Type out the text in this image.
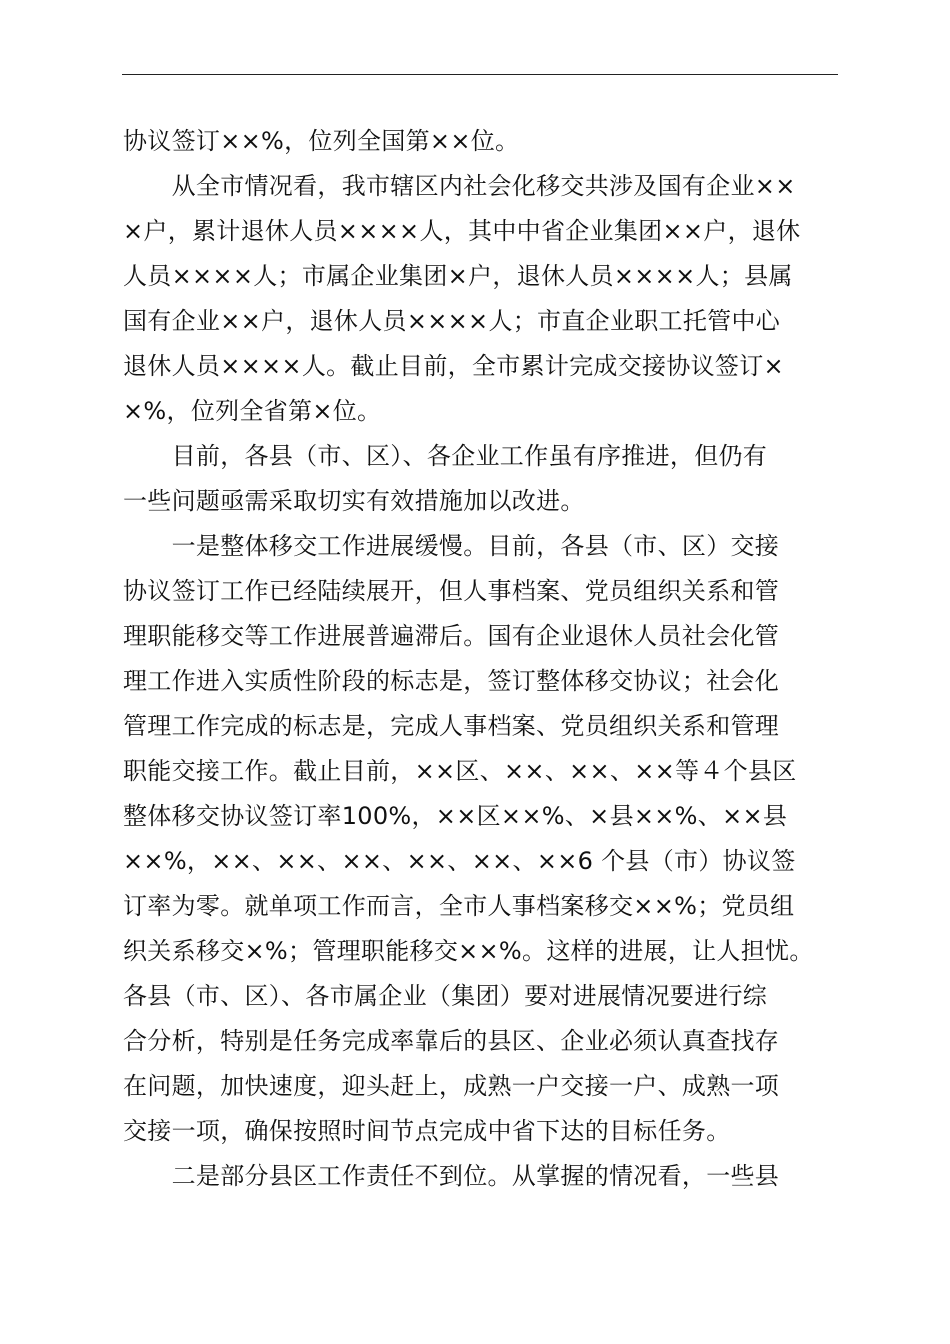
协议签订××%，位列全国第××位。
　　从全市情况看，我市辖区内社会化移交共涉及国有企业××
×户，累计退休人员××××人，其中中省企业集团××户，退休
人员××××人；市属企业集团×户，退休人员××××人；县属
国有企业××户，退休人员××××人；市直企业职工托管中心
退休人员××××人。截止目前，全市累计完成交接协议签订×
×%，位列全省第×位。
　　目前，各县（市、区）、各企业工作虽有序推进，但仍有
一些问题亟需采取切实有效措施加以改进。
　　一是整体移交工作进展缓慢。目前，各县（市、区）交接
协议签订工作已经陆续展开，但人事档案、党员组织关系和管
理职能移交等工作进展普遍滞后。国有企业退休人员社会化管
理工作进入实质性阶段的标志是，签订整体移交协议；社会化
管理工作完成的标志是，完成人事档案、党员组织关系和管理
职能交接工作。截止目前，××区、××、××、××等４个县区
整体移交协议签订率100%，××区××%、×县××%、××县
××%，××、××、××、××、××、××6 个县（市）协议签
订率为零。就单项工作而言，全市人事档案移交××%；党员组
织关系移交×%；管理职能移交××%。这样的进展，让人担忧。
各县（市、区）、各市属企业（集团）要对进展情况要进行综
合分析，特别是任务完成率靠后的县区、企业必须认真查找存
在问题，加快速度，迎头赶上，成熟一户交接一户、成熟一项
交接一项，确保按照时间节点完成中省下达的目标任务。
　　二是部分县区工作责任不到位。从掌握的情况看，一些县
